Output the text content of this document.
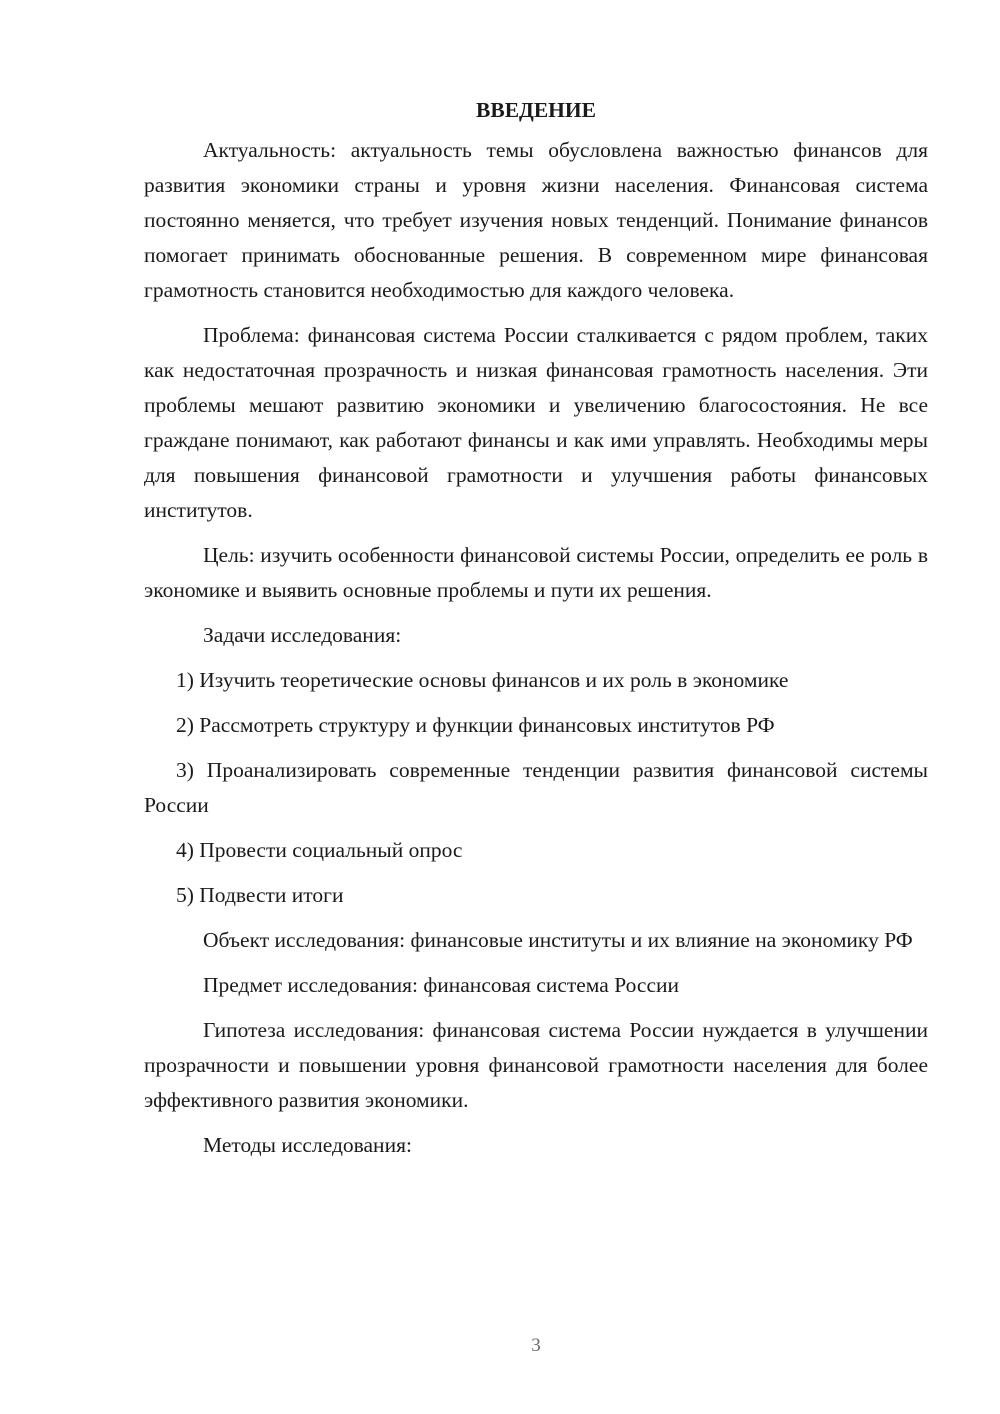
ВВЕДЕНИЕ

Актуальность: актуальность темы обусловлена важностью финансов для развития экономики страны и уровня жизни населения. Финансовая система постоянно меняется, что требует изучения новых тенденций. Понимание финансов помогает принимать обоснованные решения. В современном мире финансовая грамотность становится необходимостью для каждого человека.

Проблема: финансовая система России сталкивается с рядом проблем, таких как недостаточная прозрачность и низкая финансовая грамотность населения. Эти проблемы мешают развитию экономики и увеличению благосостояния. Не все граждане понимают, как работают финансы и как ими управлять. Необходимы меры для повышения финансовой грамотности и улучшения работы финансовых институтов.

Цель: изучить особенности финансовой системы России, определить ее роль в экономике и выявить основные проблемы и пути их решения.

Задачи исследования:

1) Изучить теоретические основы финансов и их роль в экономике

2) Рассмотреть структуру и функции финансовых институтов РФ

3) Проанализировать современные тенденции развития финансовой системы России

4) Провести социальный опрос

5) Подвести итоги

Объект исследования: финансовые институты и их влияние на экономику РФ

Предмет исследования: финансовая система России

Гипотеза исследования: финансовая система России нуждается в улучшении прозрачности и повышении уровня финансовой грамотности населения для более эффективного развития экономики.

Методы исследования:

3
